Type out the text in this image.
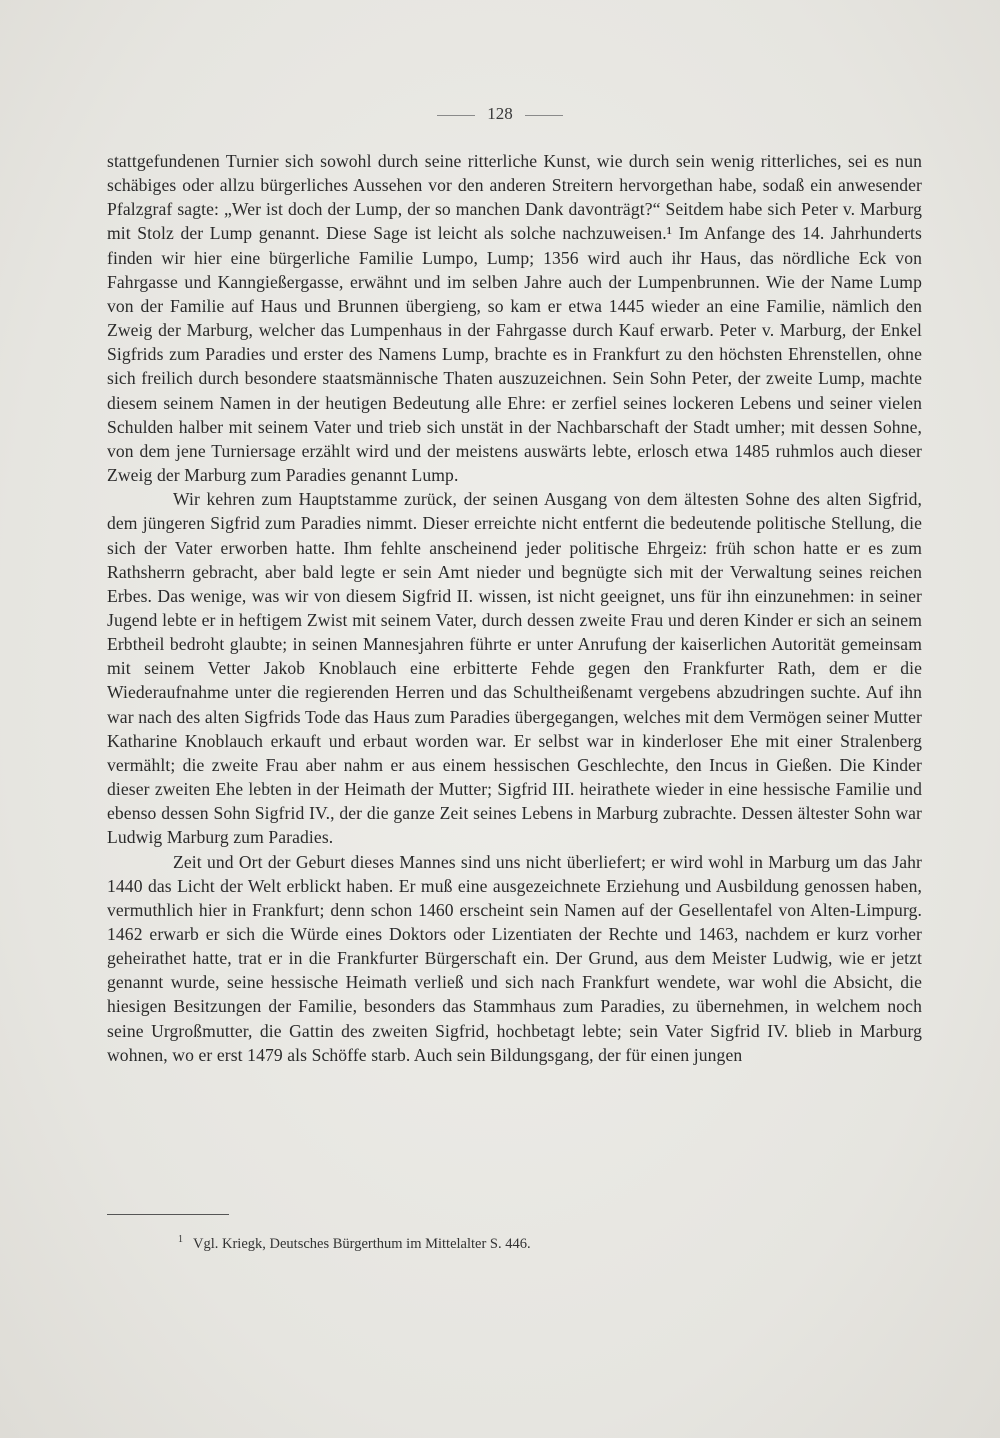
128

stattgefundenen Turnier sich sowohl durch seine ritterliche Kunst, wie durch sein wenig ritterliches, sei es nun schäbiges oder allzu bürgerliches Aussehen vor den anderen Streitern hervorgethan habe, sodaß ein anwesender Pfalzgraf sagte: „Wer ist doch der Lump, der so manchen Dank davonträgt?“ Seitdem habe sich Peter v. Marburg mit Stolz der Lump genannt. Diese Sage ist leicht als solche nachzuweisen.¹ Im Anfange des 14. Jahrhunderts finden wir hier eine bürgerliche Familie Lumpo, Lump; 1356 wird auch ihr Haus, das nördliche Eck von Fahrgasse und Kanngießergasse, erwähnt und im selben Jahre auch der Lumpenbrunnen. Wie der Name Lump von der Familie auf Haus und Brunnen übergieng, so kam er etwa 1445 wieder an eine Familie, nämlich den Zweig der Marburg, welcher das Lumpenhaus in der Fahrgasse durch Kauf erwarb. Peter v. Marburg, der Enkel Sigfrids zum Paradies und erster des Namens Lump, brachte es in Frankfurt zu den höchsten Ehrenstellen, ohne sich freilich durch besondere staatsmännische Thaten auszuzeichnen. Sein Sohn Peter, der zweite Lump, machte diesem seinem Namen in der heutigen Bedeutung alle Ehre: er zerfiel seines lockeren Lebens und seiner vielen Schulden halber mit seinem Vater und trieb sich unstät in der Nachbarschaft der Stadt umher; mit dessen Sohne, von dem jene Turniersage erzählt wird und der meistens auswärts lebte, erlosch etwa 1485 ruhmlos auch dieser Zweig der Marburg zum Paradies genannt Lump.

Wir kehren zum Hauptstamme zurück, der seinen Ausgang von dem ältesten Sohne des alten Sigfrid, dem jüngeren Sigfrid zum Paradies nimmt. Dieser erreichte nicht entfernt die bedeutende politische Stellung, die sich der Vater erworben hatte. Ihm fehlte anscheinend jeder politische Ehrgeiz: früh schon hatte er es zum Rathsherrn gebracht, aber bald legte er sein Amt nieder und begnügte sich mit der Verwaltung seines reichen Erbes. Das wenige, was wir von diesem Sigfrid II. wissen, ist nicht geeignet, uns für ihn einzunehmen: in seiner Jugend lebte er in heftigem Zwist mit seinem Vater, durch dessen zweite Frau und deren Kinder er sich an seinem Erbtheil bedroht glaubte; in seinen Mannesjahren führte er unter Anrufung der kaiserlichen Autorität gemeinsam mit seinem Vetter Jakob Knoblauch eine erbitterte Fehde gegen den Frankfurter Rath, dem er die Wiederaufnahme unter die regierenden Herren und das Schultheißenamt vergebens abzudringen suchte. Auf ihn war nach des alten Sigfrids Tode das Haus zum Paradies übergegangen, welches mit dem Vermögen seiner Mutter Katharine Knoblauch erkauft und erbaut worden war. Er selbst war in kinderloser Ehe mit einer Stralenberg vermählt; die zweite Frau aber nahm er aus einem hessischen Geschlechte, den Incus in Gießen. Die Kinder dieser zweiten Ehe lebten in der Heimath der Mutter; Sigfrid III. heirathete wieder in eine hessische Familie und ebenso dessen Sohn Sigfrid IV., der die ganze Zeit seines Lebens in Marburg zubrachte. Dessen ältester Sohn war Ludwig Marburg zum Paradies.

Zeit und Ort der Geburt dieses Mannes sind uns nicht überliefert; er wird wohl in Marburg um das Jahr 1440 das Licht der Welt erblickt haben. Er muß eine ausgezeichnete Erziehung und Ausbildung genossen haben, vermuthlich hier in Frankfurt; denn schon 1460 erscheint sein Namen auf der Gesellentafel von Alten-Limpurg. 1462 erwarb er sich die Würde eines Doktors oder Lizentiaten der Rechte und 1463, nachdem er kurz vorher geheirathet hatte, trat er in die Frankfurter Bürgerschaft ein. Der Grund, aus dem Meister Ludwig, wie er jetzt genannt wurde, seine hessische Heimath verließ und sich nach Frankfurt wendete, war wohl die Absicht, die hiesigen Besitzungen der Familie, besonders das Stammhaus zum Paradies, zu übernehmen, in welchem noch seine Urgroßmutter, die Gattin des zweiten Sigfrid, hochbetagt lebte; sein Vater Sigfrid IV. blieb in Marburg wohnen, wo er erst 1479 als Schöffe starb. Auch sein Bildungsgang, der für einen jungen

$^1$ Vgl. Kriegk, Deutsches Bürgerthum im Mittelalter S. 446.
